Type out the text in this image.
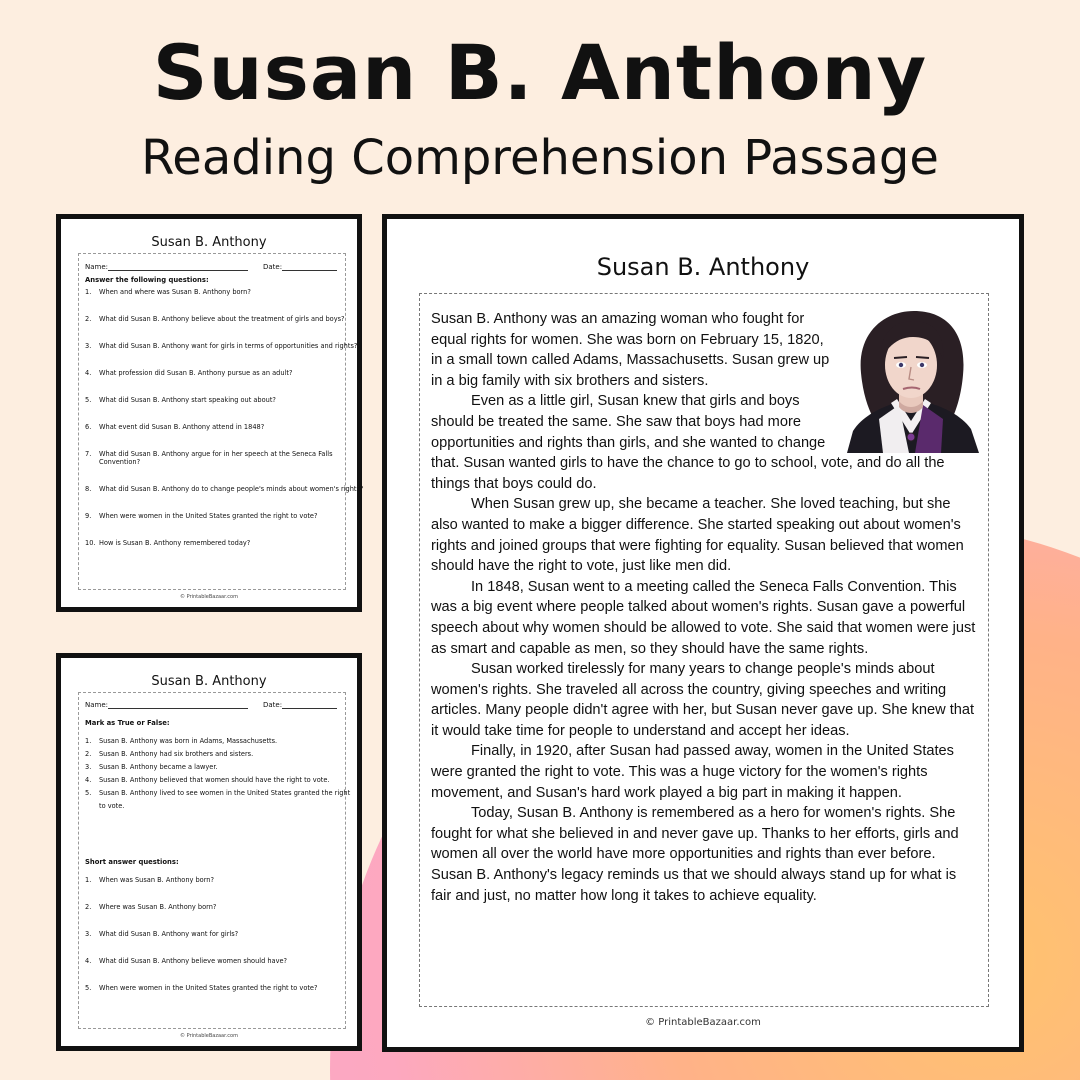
Susan B. Anthony
Reading Comprehension Passage
Susan B. Anthony
Name:	Date:
Answer the following questions:
1. When and where was Susan B. Anthony born?
2. What did Susan B. Anthony believe about the treatment of girls and boys?
3. What did Susan B. Anthony want for girls in terms of opportunities and rights?
4. What profession did Susan B. Anthony pursue as an adult?
5. What did Susan B. Anthony start speaking out about?
6. What event did Susan B. Anthony attend in 1848?
7. What did Susan B. Anthony argue for in her speech at the Seneca Falls
Convention?
8. What did Susan B. Anthony do to change people's minds about women's rights?
9. When were women in the United States granted the right to vote?
10. How is Susan B. Anthony remembered today?
© PrintableBazaar.com
Susan B. Anthony
Name:	Date:
Mark as True or False:
1. Susan B. Anthony was born in Adams, Massachusetts.
2. Susan B. Anthony had six brothers and sisters.
3. Susan B. Anthony became a lawyer.
4. Susan B. Anthony believed that women should have the right to vote.
5. Susan B. Anthony lived to see women in the United States granted the right
to vote.
Short answer questions:
1. When was Susan B. Anthony born?
2. Where was Susan B. Anthony born?
3. What did Susan B. Anthony want for girls?
4. What did Susan B. Anthony believe women should have?
5. When were women in the United States granted the right to vote?
© PrintableBazaar.com
Susan B. Anthony

Susan B. Anthony was an amazing woman who fought for equal rights for women. She was born on February 15, 1820, in a small town called Adams, Massachusetts. Susan grew up in a big family with six brothers and sisters.

Even as a little girl, Susan knew that girls and boys should be treated the same. She saw that boys had more opportunities and rights than girls, and she wanted to change that. Susan wanted girls to have the chance to go to school, vote, and do all the things that boys could do.

When Susan grew up, she became a teacher. She loved teaching, but she also wanted to make a bigger difference. She started speaking out about women's rights and joined groups that were fighting for equality. Susan believed that women should have the right to vote, just like men did.

In 1848, Susan went to a meeting called the Seneca Falls Convention. This was a big event where people talked about women's rights. Susan gave a powerful speech about why women should be allowed to vote. She said that women were just as smart and capable as men, so they should have the same rights.

Susan worked tirelessly for many years to change people's minds about women's rights. She traveled all across the country, giving speeches and writing articles. Many people didn't agree with her, but Susan never gave up. She knew that it would take time for people to understand and accept her ideas.

Finally, in 1920, after Susan had passed away, women in the United States were granted the right to vote. This was a huge victory for the women's rights movement, and Susan's hard work played a big part in making it happen.

Today, Susan B. Anthony is remembered as a hero for women's rights. She fought for what she believed in and never gave up. Thanks to her efforts, girls and women all over the world have more opportunities and rights than ever before. Susan B. Anthony's legacy reminds us that we should always stand up for what is fair and just, no matter how long it takes to achieve equality.

© PrintableBazaar.com
